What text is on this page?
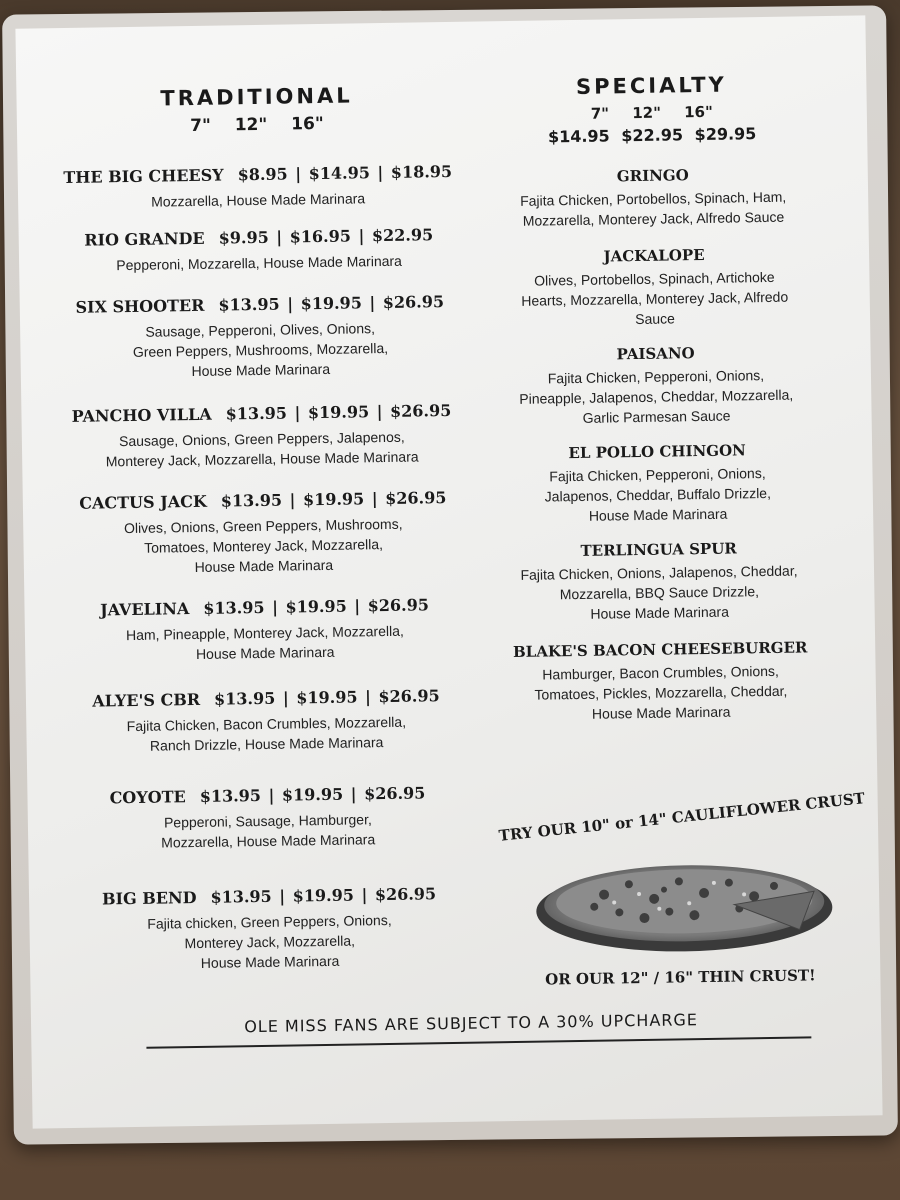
TRADITIONAL
7" 12" 16"
THE BIG CHEESY $8.95 | $14.95 | $18.95
Mozzarella, House Made Marinara
RIO GRANDE $9.95 | $16.95 | $22.95
Pepperoni, Mozzarella, House Made Marinara
SIX SHOOTER $13.95 | $19.95 | $26.95
Sausage, Pepperoni, Olives, Onions,
Green Peppers, Mushrooms, Mozzarella,
House Made Marinara
PANCHO VILLA $13.95 | $19.95 | $26.95
Sausage, Onions, Green Peppers, Jalapenos,
Monterey Jack, Mozzarella, House Made Marinara
CACTUS JACK $13.95 | $19.95 | $26.95
Olives, Onions, Green Peppers, Mushrooms,
Tomatoes, Monterey Jack, Mozzarella,
House Made Marinara
JAVELINA $13.95 | $19.95 | $26.95
Ham, Pineapple, Monterey Jack, Mozzarella,
House Made Marinara
ALYE'S CBR $13.95 | $19.95 | $26.95
Fajita Chicken, Bacon Crumbles, Mozzarella,
Ranch Drizzle, House Made Marinara
COYOTE $13.95 | $19.95 | $26.95
Pepperoni, Sausage, Hamburger,
Mozzarella, House Made Marinara
BIG BEND $13.95 | $19.95 | $26.95
Fajita chicken, Green Peppers, Onions,
Monterey Jack, Mozzarella,
House Made Marinara
SPECIALTY
7" 12" 16"
$14.95 $22.95 $29.95
GRINGO
Fajita Chicken, Portobellos, Spinach, Ham,
Mozzarella, Monterey Jack, Alfredo Sauce
JACKALOPE
Olives, Portobellos, Spinach, Artichoke
Hearts, Mozzarella, Monterey Jack, Alfredo
Sauce
PAISANO
Fajita Chicken, Pepperoni, Onions,
Pineapple, Jalapenos, Cheddar, Mozzarella,
Garlic Parmesan Sauce
EL POLLO CHINGON
Fajita Chicken, Pepperoni, Onions,
Jalapenos, Cheddar, Buffalo Drizzle,
House Made Marinara
TERLINGUA SPUR
Fajita Chicken, Onions, Jalapenos, Cheddar,
Mozzarella, BBQ Sauce Drizzle,
House Made Marinara
BLAKE'S BACON CHEESEBURGER
Hamburger, Bacon Crumbles, Onions,
Tomatoes, Pickles, Mozzarella, Cheddar,
House Made Marinara
TRY OUR 10" or 14" CAULIFLOWER CRUST
OR OUR 12" / 16" THIN CRUST!
OLE MISS FANS ARE SUBJECT TO A 30% UPCHARGE
